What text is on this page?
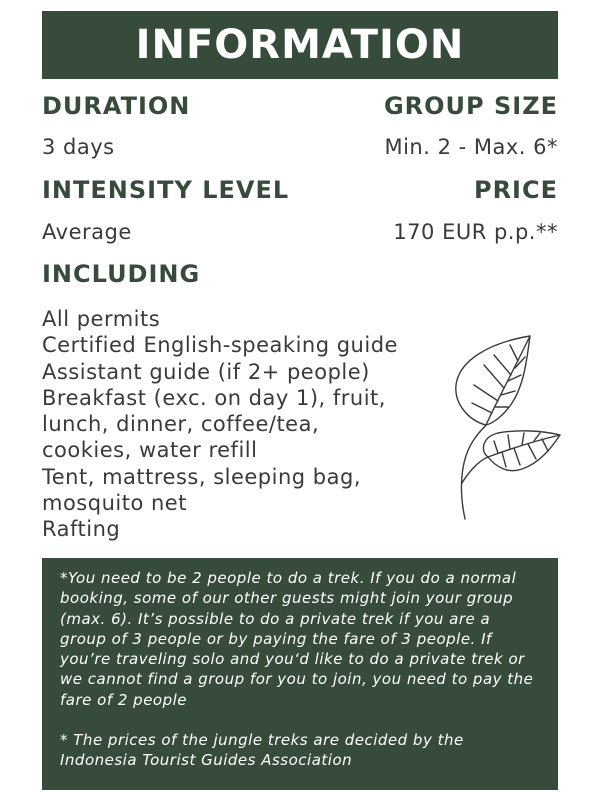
INFORMATION
DURATION	GROUP SIZE
3 days	Min. 2 - Max. 6*
INTENSITY LEVEL	PRICE
Average	170 EUR p.p.**
INCLUDING
All permits
Certified English-speaking guide
Assistant guide (if 2+ people)
Breakfast (exc. on day 1), fruit,
lunch, dinner, coffee/tea,
cookies, water refill
Tent, mattress, sleeping bag,
mosquito net
Rafting

*You need to be 2 people to do a trek. If you do a normal booking, some of our other guests might join your group (max. 6). It’s possible to do a private trek if you are a group of 3 people or by paying the fare of 3 people. If you’re traveling solo and you‘d like to do a private trek or we cannot find a group for you to join, you need to pay the fare of 2 people

* The prices of the jungle treks are decided by the Indonesia Tourist Guides Association
